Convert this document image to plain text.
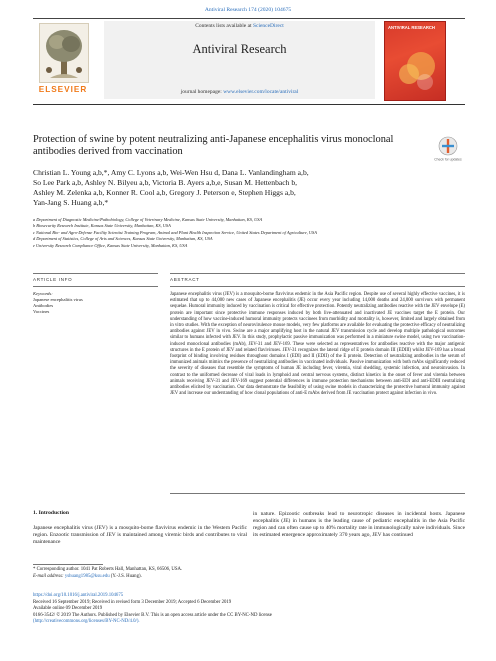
Antiviral Research 174 (2020) 104675
ELSEVIER
Contents lists available at ScienceDirect
Antiviral Research
journal homepage: www.elsevier.com/locate/antiviral
ANTIVIRAL RESEARCH
Protection of swine by potent neutralizing anti-Japanese encephalitis virus monoclonal antibodies derived from vaccination
Check for updates
Christian L. Young a,b,*, Amy C. Lyons a,b, Wei-Wen Hsu d, Dana L. Vanlandingham a,b,
So Lee Park a,b, Ashley N. Bilyeu a,b, Victoria B. Ayers a,b,e, Susan M. Hettenbach b,
Ashley M. Zelenka a,b, Konner R. Cool a,b, Gregory J. Peterson e, Stephen Higgs a,b,
Yan-Jang S. Huang a,b,*
a Department of Diagnostic Medicine/Pathobiology, College of Veterinary Medicine, Kansas State University, Manhattan, KS, USA
b Biosecurity Research Institute, Kansas State University, Manhattan, KS, USA
c National Bio- and Agro-Defense Facility Scientist Training Program, Animal and Plant Health Inspection Service, United States Department of Agriculture, USA
d Department of Statistics, College of Arts and Sciences, Kansas State University, Manhattan, KS, USA
e University Research Compliance Office, Kansas State University, Manhattan, KS, USA
ARTICLE INFO	ABSTRACT
Keywords:
Japanese encephalitis virus
Antibodies
Vaccines
Japanese encephalitis virus (JEV) is a mosquito-borne flavivirus endemic in the Asia Pacific region. Despite use of several highly effective vaccines, it is estimated that up to 44,000 new cases of Japanese encephalitis (JE) occur every year including 14,000 deaths and 24,000 survivors with permanent sequelae. Humoral immunity induced by vaccination is critical for effective protection. Potently neutralizing antibodies reactive with the JEV envelope (E) protein are important since protective immune responses induced by both live-attenuated and inactivated JE vaccines target the E protein. Our understanding of how vaccine-induced humoral immunity protects vaccinees from morbidity and mortality is, however, limited and largely obtained from in vitro studies. With the exception of neurovirulence mouse models, very few platforms are available for evaluating the protective efficacy of neutralizing antibodies against JEV in vivo. Swine are a major amplifying host in the natural JEV transmission cycle and develop multiple pathological outcomes similar to humans infected with JEV. In this study, prophylactic passive immunization was performed in a miniature swine model, using two vaccination-induced monoclonal antibodies (mAb), JEV-31 and JEV-169. These were selected as representatives for antibodies reactive with the major antigenic structures in the E protein of JEV and related flaviviruses. JEV-31 recognizes the lateral ridge of E protein domain III (EDIII) whilst JEV-169 has a broad footprint of binding involving residues throughout domains I (EDI) and II (EDII) of the E protein. Detection of neutralizing antibodies in the serum of immunized animals mimics the presence of neutralizing antibodies in vaccinated individuals. Passive immunization with both mAbs significantly reduced the severity of diseases that resemble the symptoms of human JE including fever, viremia, viral shedding, systemic infection, and neuroinvasion. In contrast to the uniformed decrease of viral loads in lymphoid and central nervous systems, distinct kinetics in the onset of fever and viremia between animals receiving JEV-31 and JEV-169 suggest potential differences in immune protection mechanisms between anti-EDI and anti-EDIII neutralizing antibodies elicited by vaccination. Our data demonstrate the feasibility of using swine models in characterizing the protective humoral immunity against JEV and increase our understanding of how clonal populations of anti-E mAbs derived from JE vaccination protect against infection in vivo.
1. Introduction
Japanese encephalitis virus (JEV) is a mosquito-borne flavivirus endemic in the Western Pacific region. Enzootic transmission of JEV is maintained among viremic birds and contributes to viral maintenance
in nature. Epizootic outbreaks lead to neurotropic diseases in incidental hosts. Japanese encephalitis (JE) in humans is the leading cause of pediatric encephalitis in the Asia Pacific region and can often cause up to 40% mortality rate in immunologically naive individuals. Since its estimated emergence approximately 370 years ago, JEV has continued
* Corresponding author. 1041 Pat Roberts Hall, Manhattan, KS, 66506, USA.
E-mail address: yshuang1985@ksu.edu (Y.-J.S. Huang).
https://doi.org/10.1016/j.antiviral.2019.104675
Received 16 September 2019; Received in revised form 3 December 2019; Accepted 6 December 2019
Available online 09 December 2019
0166-3542/ © 2019 The Authors. Published by Elsevier B.V. This is an open access article under the CC BY-NC-ND license
(http://creativecommons.org/licenses/BY-NC-ND/4.0/).
